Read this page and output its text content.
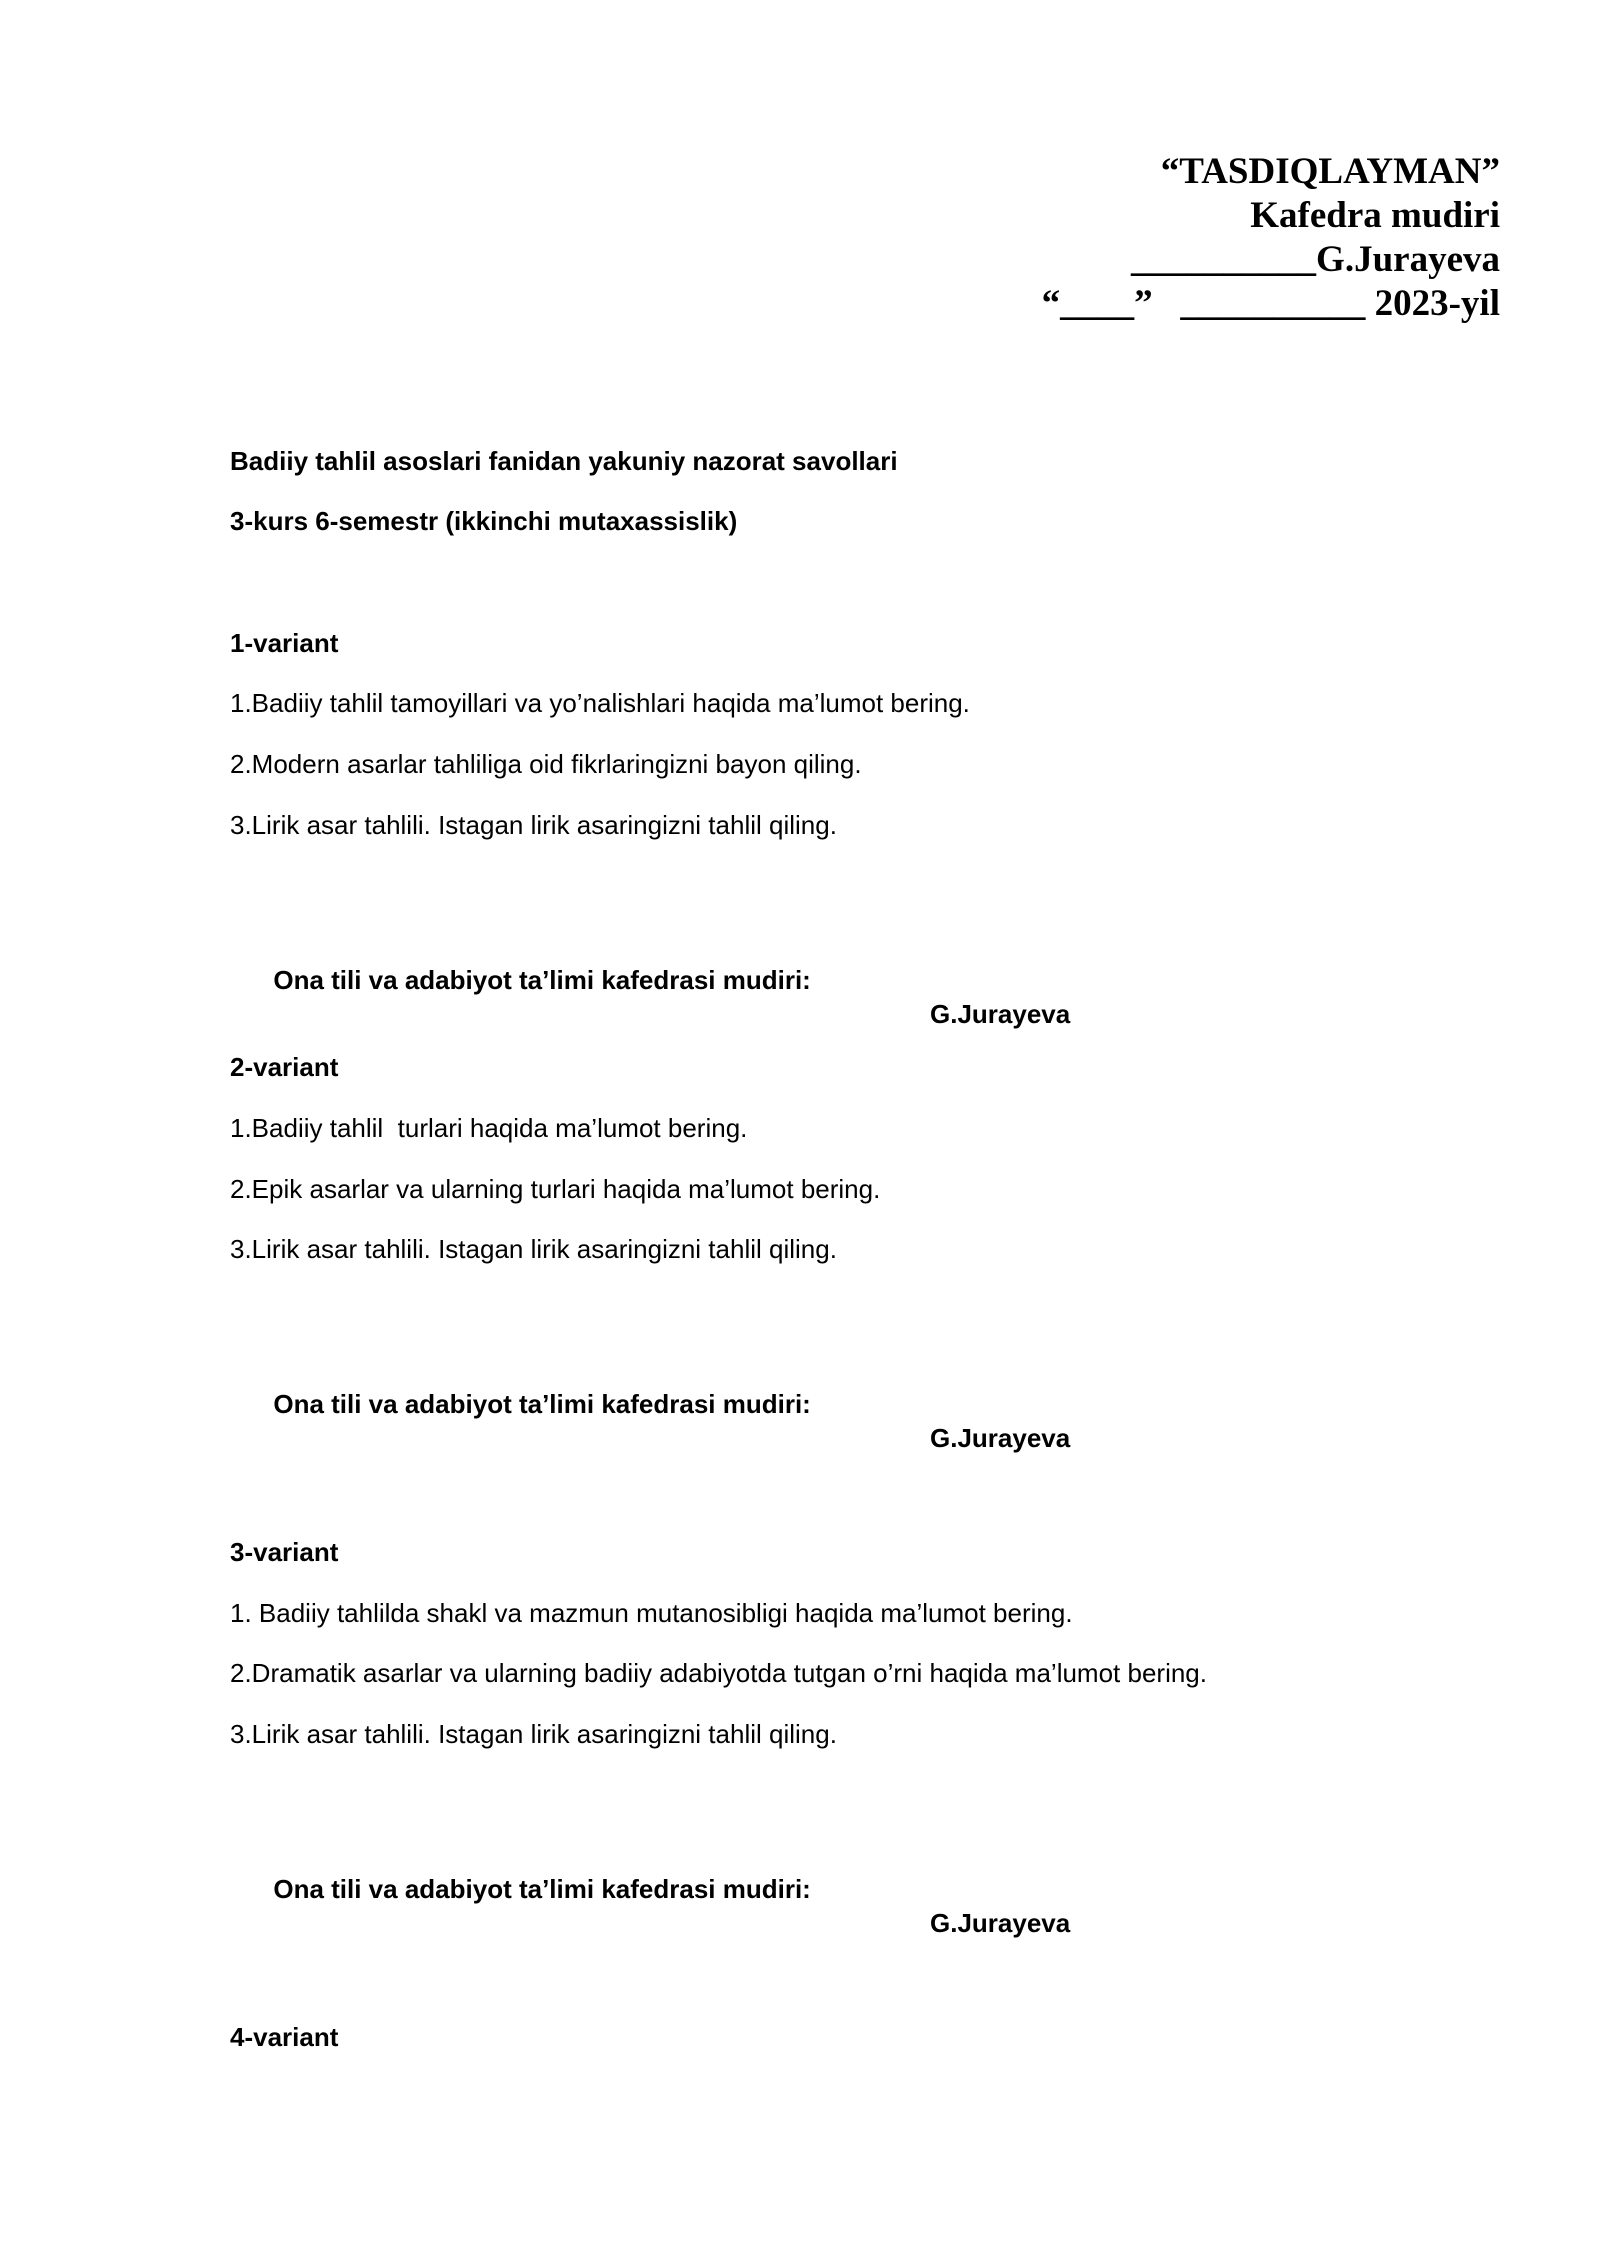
“TASDIQLAYMAN”
Kafedra mudiri
__________G.Jurayeva
“____”   __________ 2023-yil
Badiiy tahlil asoslari fanidan yakuniy nazorat savollari
3-kurs 6-semestr (ikkinchi mutaxassislik)
1-variant
1.Badiiy tahlil tamoyillari va yo’nalishlari haqida ma’lumot bering.
2.Modern asarlar tahliliga oid fikrlaringizni bayon qiling.
3.Lirik asar tahlili. Istagan lirik asaringizni tahlil qiling.

Ona tili va adabiyot ta’limi kafedrasi mudiri:

G.Jurayeva

2-variant
1.Badiiy tahlil  turlari haqida ma’lumot bering.
2.Epik asarlar va ularning turlari haqida ma’lumot bering.
3.Lirik asar tahlili. Istagan lirik asaringizni tahlil qiling.

Ona tili va adabiyot ta’limi kafedrasi mudiri:

G.Jurayeva

3-variant
1. Badiiy tahlilda shakl va mazmun mutanosibligi haqida ma’lumot bering.
2.Dramatik asarlar va ularning badiiy adabiyotda tutgan o’rni haqida ma’lumot bering.
3.Lirik asar tahlili. Istagan lirik asaringizni tahlil qiling.

Ona tili va adabiyot ta’limi kafedrasi mudiri:

G.Jurayeva

4-variant
